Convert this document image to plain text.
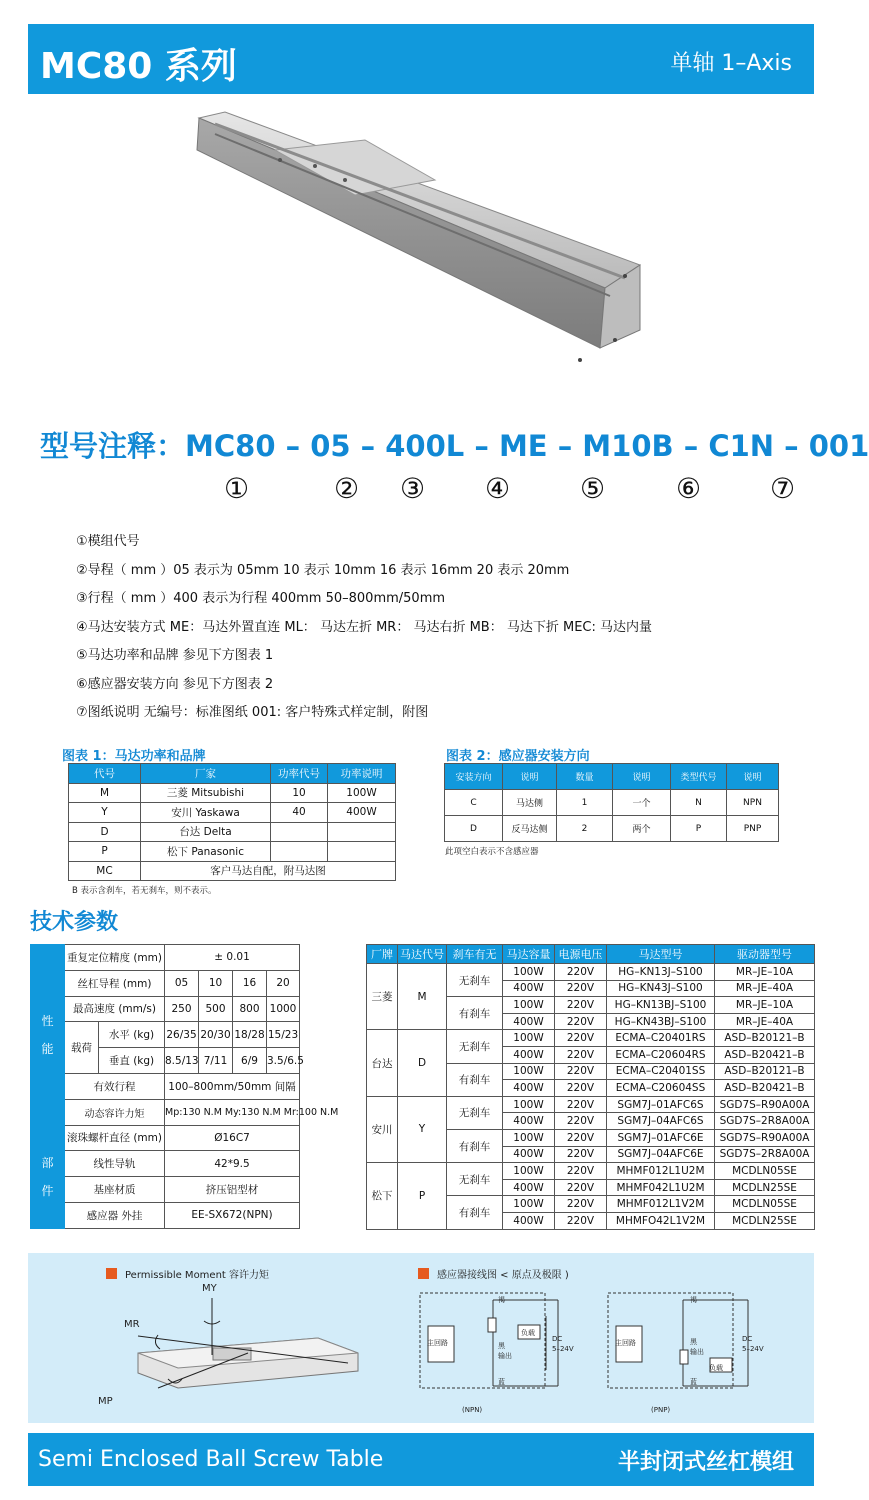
MC80 系列	单轴 1–Axis
型号注释：MC80 – 05 – 400L – ME – M10B – C1N – 001
①	② ③ ④ ⑤	⑥ ⑦
①模组代号
②导程（ mm ）05 表示为 05mm 10 表示 10mm 16 表示 16mm 20 表示 20mm
③行程（ mm ）400 表示为行程 400mm 50–800mm/50mm
④马达安装方式 ME：马达外置直连 ML： 马达左折 MR： 马达右折 MB： 马达下折 MEC: 马达内量
⑤马达功率和品牌 参见下方图表 1
⑥感应器安装方向 参见下方图表 2
⑦图纸说明 无编号：标准图纸 001: 客户特殊式样定制，附图
图表 1：马达功率和品牌
代号	厂家	功率代号	功率说明
M	三菱 Mitsubishi	10	100W
Y	安川 Yaskawa	40	400W
D	台达 Delta		
P	松下 Panasonic		
MC	客户马达自配，附马达图		
B 表示含刹车，若无刹车，则不表示。
图表 2：感应器安装方向
安装方向	说明	数量	说明	类型代号	说明
C	马达侧	1	一个	N	NPN
D	反马达侧	2	两个	P	PNP
此项空白表示不含感应器
技术参数
性
能	重复定位精度 (mm)		± 0.01			
	丝杠导程 (mm)		05	10	16	20
	最高速度 (mm/s)		250	500	800	1000
	载荷	水平 (kg)	26/35	20/30	18/28	15/23
		垂直 (kg)	8.5/13	7/11	6/9	3.5/6.5
	有效行程		100–800mm/50mm 间隔			
	动态容许力矩		Mp:130 N.M My:130 N.M Mr:100 N.M			
部
件	滚珠螺杆直径 (mm)		Ø16C7			
	线性导轨		42*9.5			
	基座材质		挤压铝型材			
	感应器 外挂		EE-SX672(NPN)			
厂牌	马达代号	刹车有无	马达容量	电源电压	马达型号	驱动器型号
三菱	M	无刹车	100W	220V	HG–KN13J–S100	MR–JE–10A
			400W	220V	HG–KN43J–S100	MR–JE–40A
		有刹车	100W	220V	HG–KN13BJ–S100	MR–JE–10A
			400W	220V	HG–KN43BJ–S100	MR–JE–40A
台达	D	无刹车	100W	220V	ECMA–C20401RS	ASD–B20121–B
			400W	220V	ECMA–C20604RS	ASD–B20421–B
		有刹车	100W	220V	ECMA–C20401SS	ASD–B20121–B
			400W	220V	ECMA–C20604SS	ASD–B20421–B
安川	Y	无刹车	100W	220V	SGM7J–01AFC6S	SGD7S–R90A00A
			400W	220V	SGM7J–04AFC6S	SGD7S–2R8A00A
		有刹车	100W	220V	SGM7J–01AFC6E	SGD7S–R90A00A
			400W	220V	SGM7J–04AFC6E	SGD7S–2R8A00A
松下	P	无刹车	100W	220V	MHMF012L1U2M	MCDLN05SE
			400W	220V	MHMF042L1U2M	MCDLN25SE
		有刹车	100W	220V	MHMF012L1V2M	MCDLN05SE
			400W	220V	MHMFO42L1V2M	MCDLN25SE
Permissible Moment 容许力矩	感应器接线图 < 原点及极限 )
MY
MR
MP
主回路
负载
褐
黑
输出
蓝
DC
5–24V
(NPN)
主回路
负载
褐
黑
输出
蓝
DC
5–24V
(PNP)
Semi Enclosed Ball Screw Table	半封闭式丝杠模组
